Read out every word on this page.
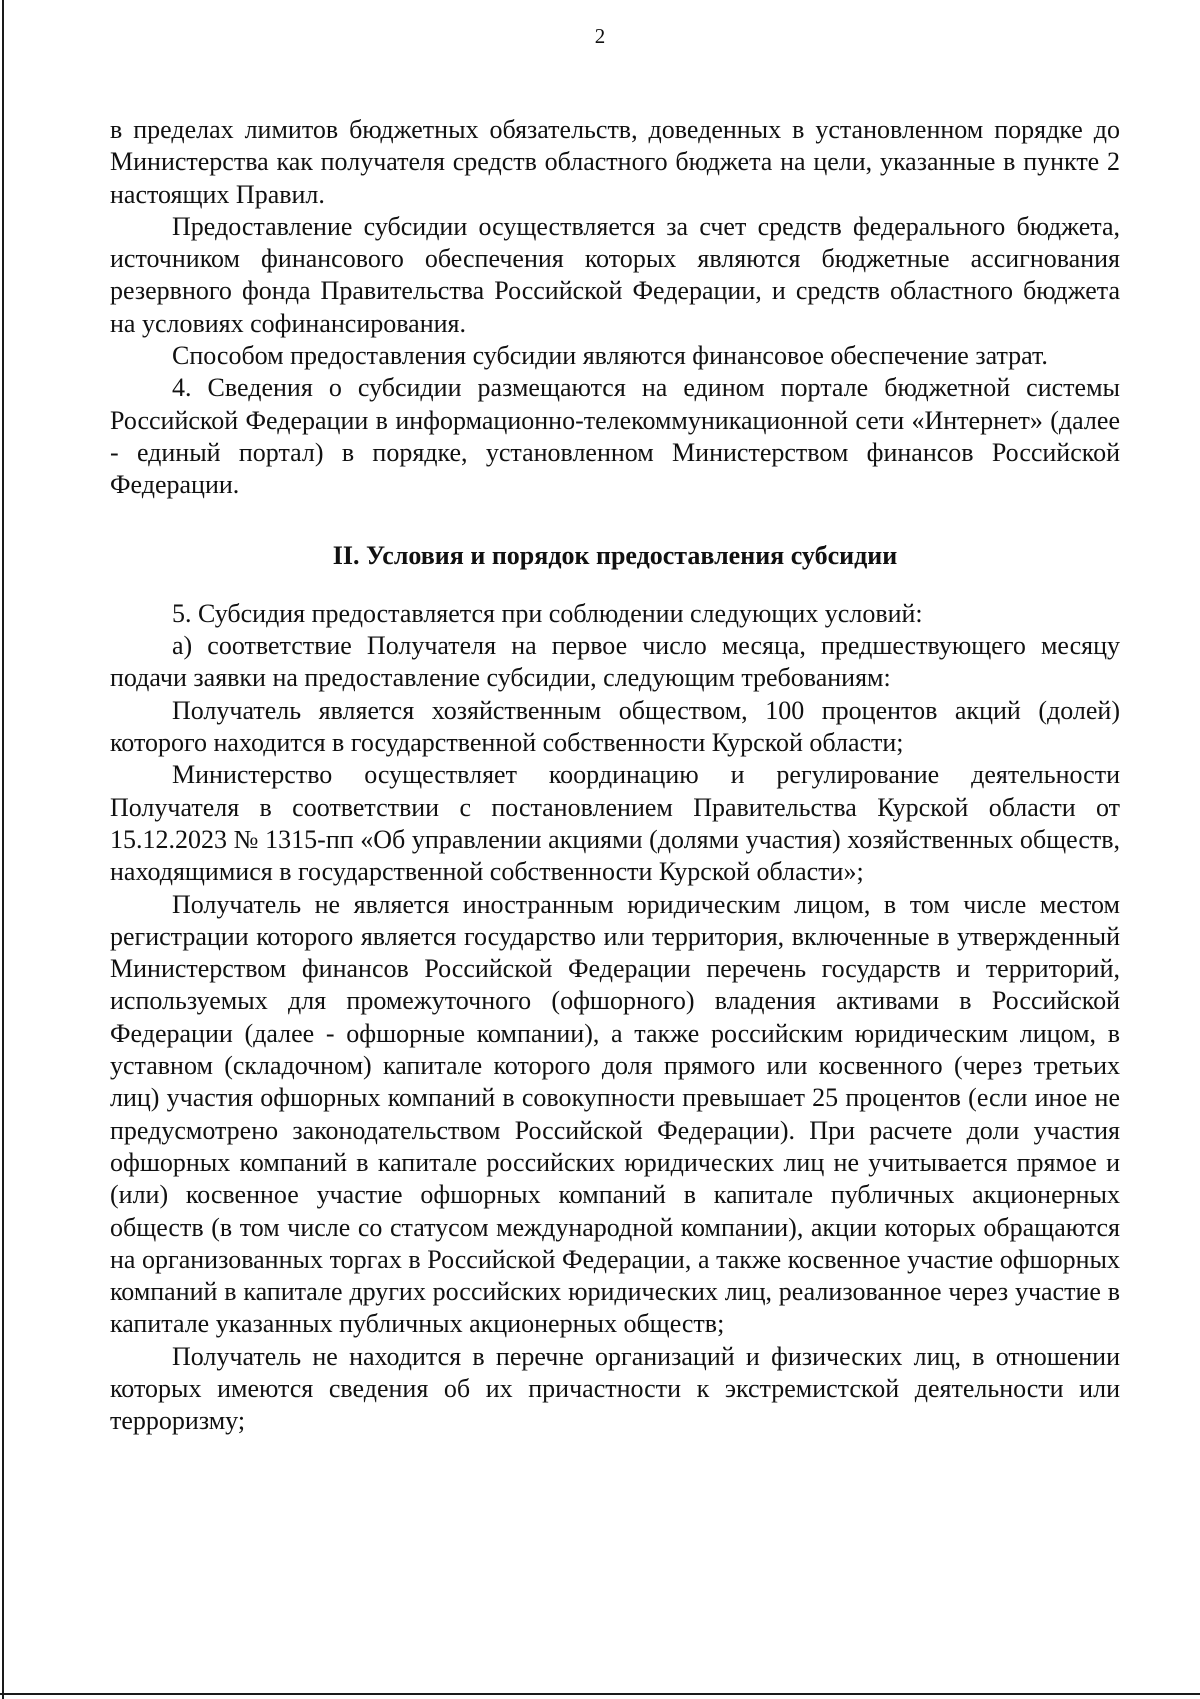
2

в пределах лимитов бюджетных обязательств, доведенных в установленном порядке до Министерства как получателя средств областного бюджета на цели, указанные в пункте 2 настоящих Правил.

Предоставление субсидии осуществляется за счет средств федерального бюджета, источником финансового обеспечения которых являются бюджетные ассигнования резервного фонда Правительства Российской Федерации, и средств областного бюджета на условиях софинансирования.

Способом предоставления субсидии являются финансовое обеспечение затрат.

4. Сведения о субсидии размещаются на едином портале бюджетной системы Российской Федерации в информационно-телекоммуникационной сети «Интернет» (далее - единый портал) в порядке, установленном Министерством финансов Российской Федерации.

II. Условия и порядок предоставления субсидии

5. Субсидия предоставляется при соблюдении следующих условий:

а) соответствие Получателя на первое число месяца, предшествующего месяцу подачи заявки на предоставление субсидии, следующим требованиям:

Получатель является хозяйственным обществом, 100 процентов акций (долей) которого находится в государственной собственности Курской области;

Министерство осуществляет координацию и регулирование деятельности Получателя в соответствии с постановлением Правительства Курской области от 15.12.2023 № 1315-пп «Об управлении акциями (долями участия) хозяйственных обществ, находящимися в государственной собственности Курской области»;

Получатель не является иностранным юридическим лицом, в том числе местом регистрации которого является государство или территория, включенные в утвержденный Министерством финансов Российской Федерации перечень государств и территорий, используемых для промежуточного (офшорного) владения активами в Российской Федерации (далее - офшорные компании), а также российским юридическим лицом, в уставном (складочном) капитале которого доля прямого или косвенного (через третьих лиц) участия офшорных компаний в совокупности превышает 25 процентов (если иное не предусмотрено законодательством Российской Федерации). При расчете доли участия офшорных компаний в капитале российских юридических лиц не учитывается прямое и (или) косвенное участие офшорных компаний в капитале публичных акционерных обществ (в том числе со статусом международной компании), акции которых обращаются на организованных торгах в Российской Федерации, а также косвенное участие офшорных компаний в капитале других российских юридических лиц, реализованное через участие в капитале указанных публичных акционерных обществ;

Получатель не находится в перечне организаций и физических лиц, в отношении которых имеются сведения об их причастности к экстремистской деятельности или терроризму;
